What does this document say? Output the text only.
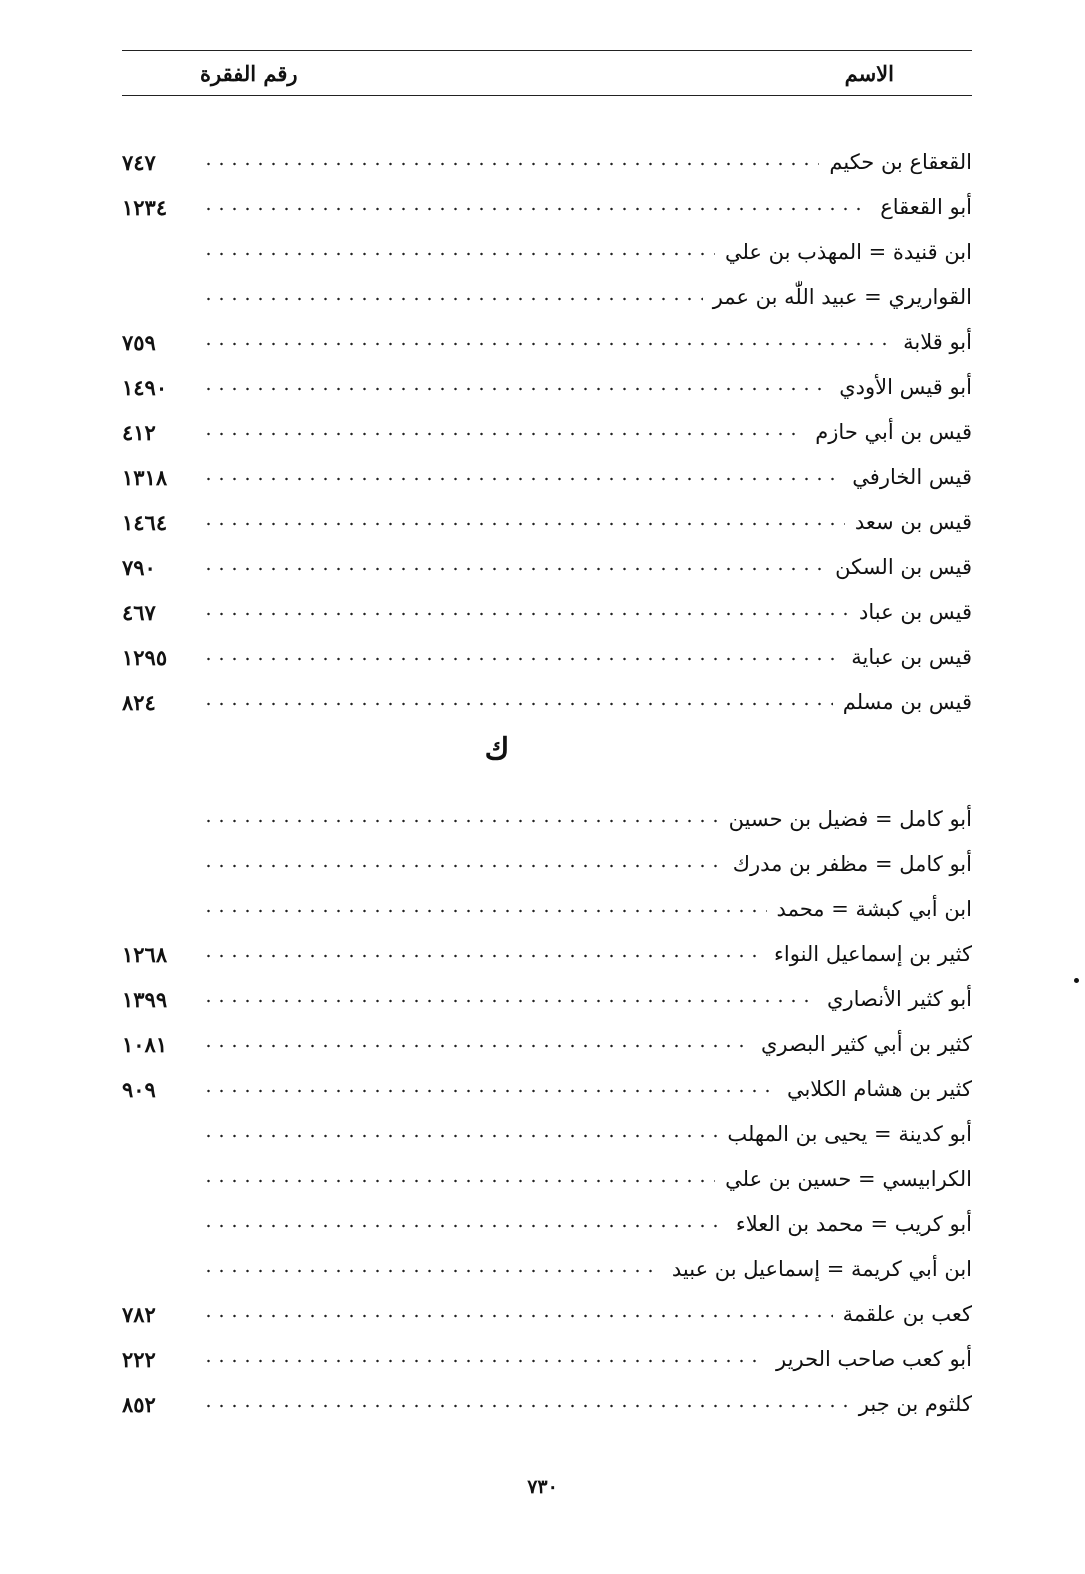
الاسم
رقم الفقرة
القعقاع بن حكيم
٧٤٧
أبو القعقاع
١٢٣٤
ابن قنيدة = المهذب بن علي
القواريري = عبيد اللّٰه بن عمر
أبو قلابة
٧٥٩
أبو قيس الأودي
١٤٩٠
قيس بن أبي حازم
٤١٢
قيس الخارفي
١٣١٨
قيس بن سعد
١٤٦٤
قيس بن السكن
٧٩٠
قيس بن عباد
٤٦٧
قيس بن عباية
١٢٩٥
قيس بن مسلم
٨٢٤
ك
أبو كامل = فضيل بن حسين
أبو كامل = مظفر بن مدرك
ابن أبي كبشة = محمد
كثير بن إسماعيل النواء
١٢٦٨
أبو كثير الأنصاري
١٣٩٩
كثير بن أبي كثير البصري
١٠٨١
كثير بن هشام الكلابي
٩٠٩
أبو كدينة = يحيى بن المهلب
الكرابيسي = حسين بن علي
أبو كريب = محمد بن العلاء
ابن أبي كريمة = إسماعيل بن عبيد
كعب بن علقمة
٧٨٢
أبو كعب صاحب الحرير
٢٢٢
كلثوم بن جبر
٨٥٢
٧٣٠
